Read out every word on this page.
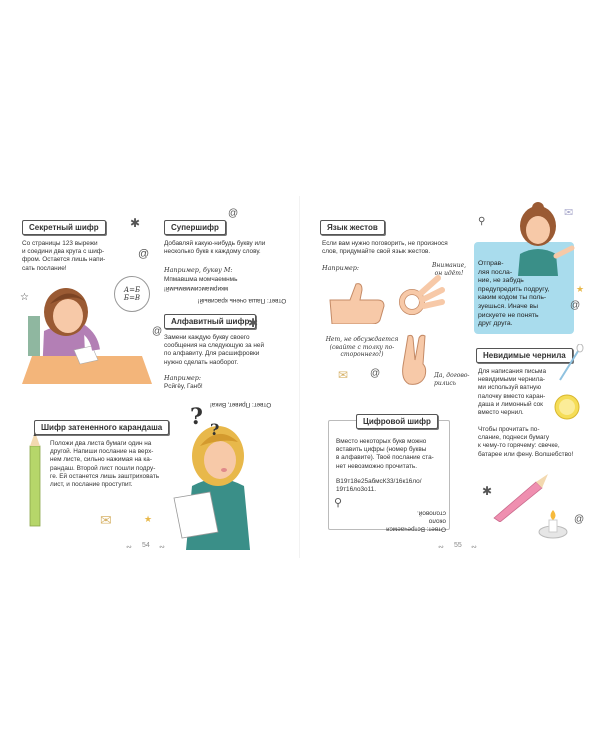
Секретный шифр
Со страницы 123 вырежи
и соедини два круга с шиф-
фром. Остается лишь напи-
сать послание!
☆
✱
@
А=Б
Б=В
Супершифр
Добавляй какую-нибудь букву или
несколько букв к каждому слову.
Например, букву М:
Мпмавшма момчаемнмь
мкирмамсиммвмымй!
Ответ: Паша очень красивый!
@
Алфавитный шифр
Замени каждую букву своего
сообщения на следующую за ней
по алфавиту. Для расшифровки
нужно сделать наоборот.
Например:
Рсйгёу, Ганб!
Ответ: Привет, Вика!
✱
@
Шифр затененного карандаша
Положи два листа бумаги один на
другой. Напиши послание на верх-
нем листе, сильно нажимая на ка-
рандаш. Второй лист пошли подру-
ге. Ей останется лишь заштриховать
лист, и послание проступит.
✉	★
? ?
∾ 54 ∾
Язык жестов
Если вам нужно поговорить, не произнося
слов, придумайте свой язык жестов.
Например:	Внимание,
он идёт!
Нет, не обсуждается
(свайте с толку по-
стороннего!)
Да, догово-
рились
✉ @
Цифровой шифр
Вместо некоторых букв можно
вставить цифры (номер буквы
в алфавите). Твоё послание ста-
нет невозможно прочитать.
В19т18е25абмсК33/16к16ло/
19т16ло3о11.
Ответ: Встречаемся около
столовой.
⚲
Отправ-
ляя посла-
ние, не забудь
предупредить подругу,
каким кодом ты поль-
зуешься. Иначе вы
рискуете не понять
друг друга.
⚲
✉
★
@
Невидимые чернила
Для написания письма
невидимыми чернила-
ми используй ватную
палочку вместо каран-
даша и лимонный сок
вместо чернил.
Чтобы прочитать по-
слание, поднеси бумагу
к чему-то горячему: свечке,
батарее или фену. Волшебство!
✱
@
∾ 55 ∾
